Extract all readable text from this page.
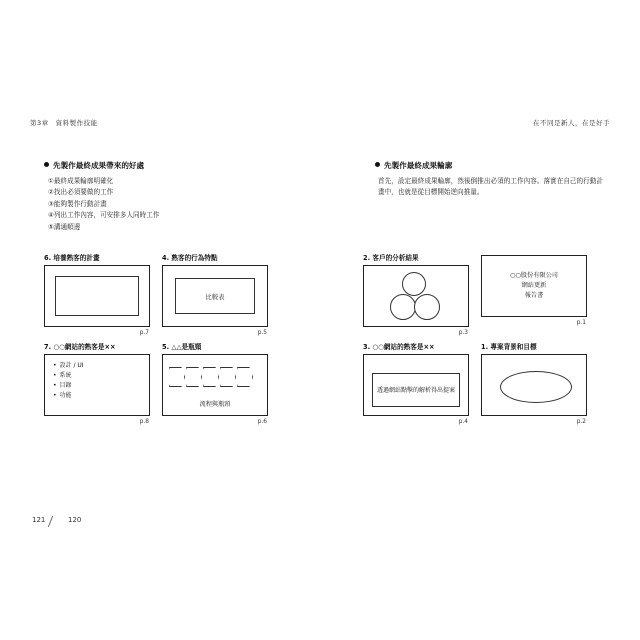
第3章　資料製作技能	在不同是新人，在是好手
先製作最終成果帶來的好處
①最終成果輪廓明確化
②找出必須要做的工作
③能夠製作行動計畫
④列出工作內容，可安排多人同時工作
⑤溝通順邊
先製作最終成果輪廓
首先，設定最終成果輪廓，然後倒推出必須的工作內容。落實在自己的行動計畫中，也就是從目標開始逆向推量。
6. 培養熟客的計畫
p.7
4. 熟客的行為特點
比較表
p.5
7. ○○網站的熟客是××
• 設計 / UI
• 系統
• 目錄
• 功能
p.8
5. △△是瓶頸
流程與瓶頸
p.6
2. 客戶的分析結果
p.3
○○股份有限公司
網站更新
報告書
p.1
3. ○○網站的熟客是××
透過網站點擊的解析得出提案
p.4
1. 專案背景和目標
p.2
121	120
